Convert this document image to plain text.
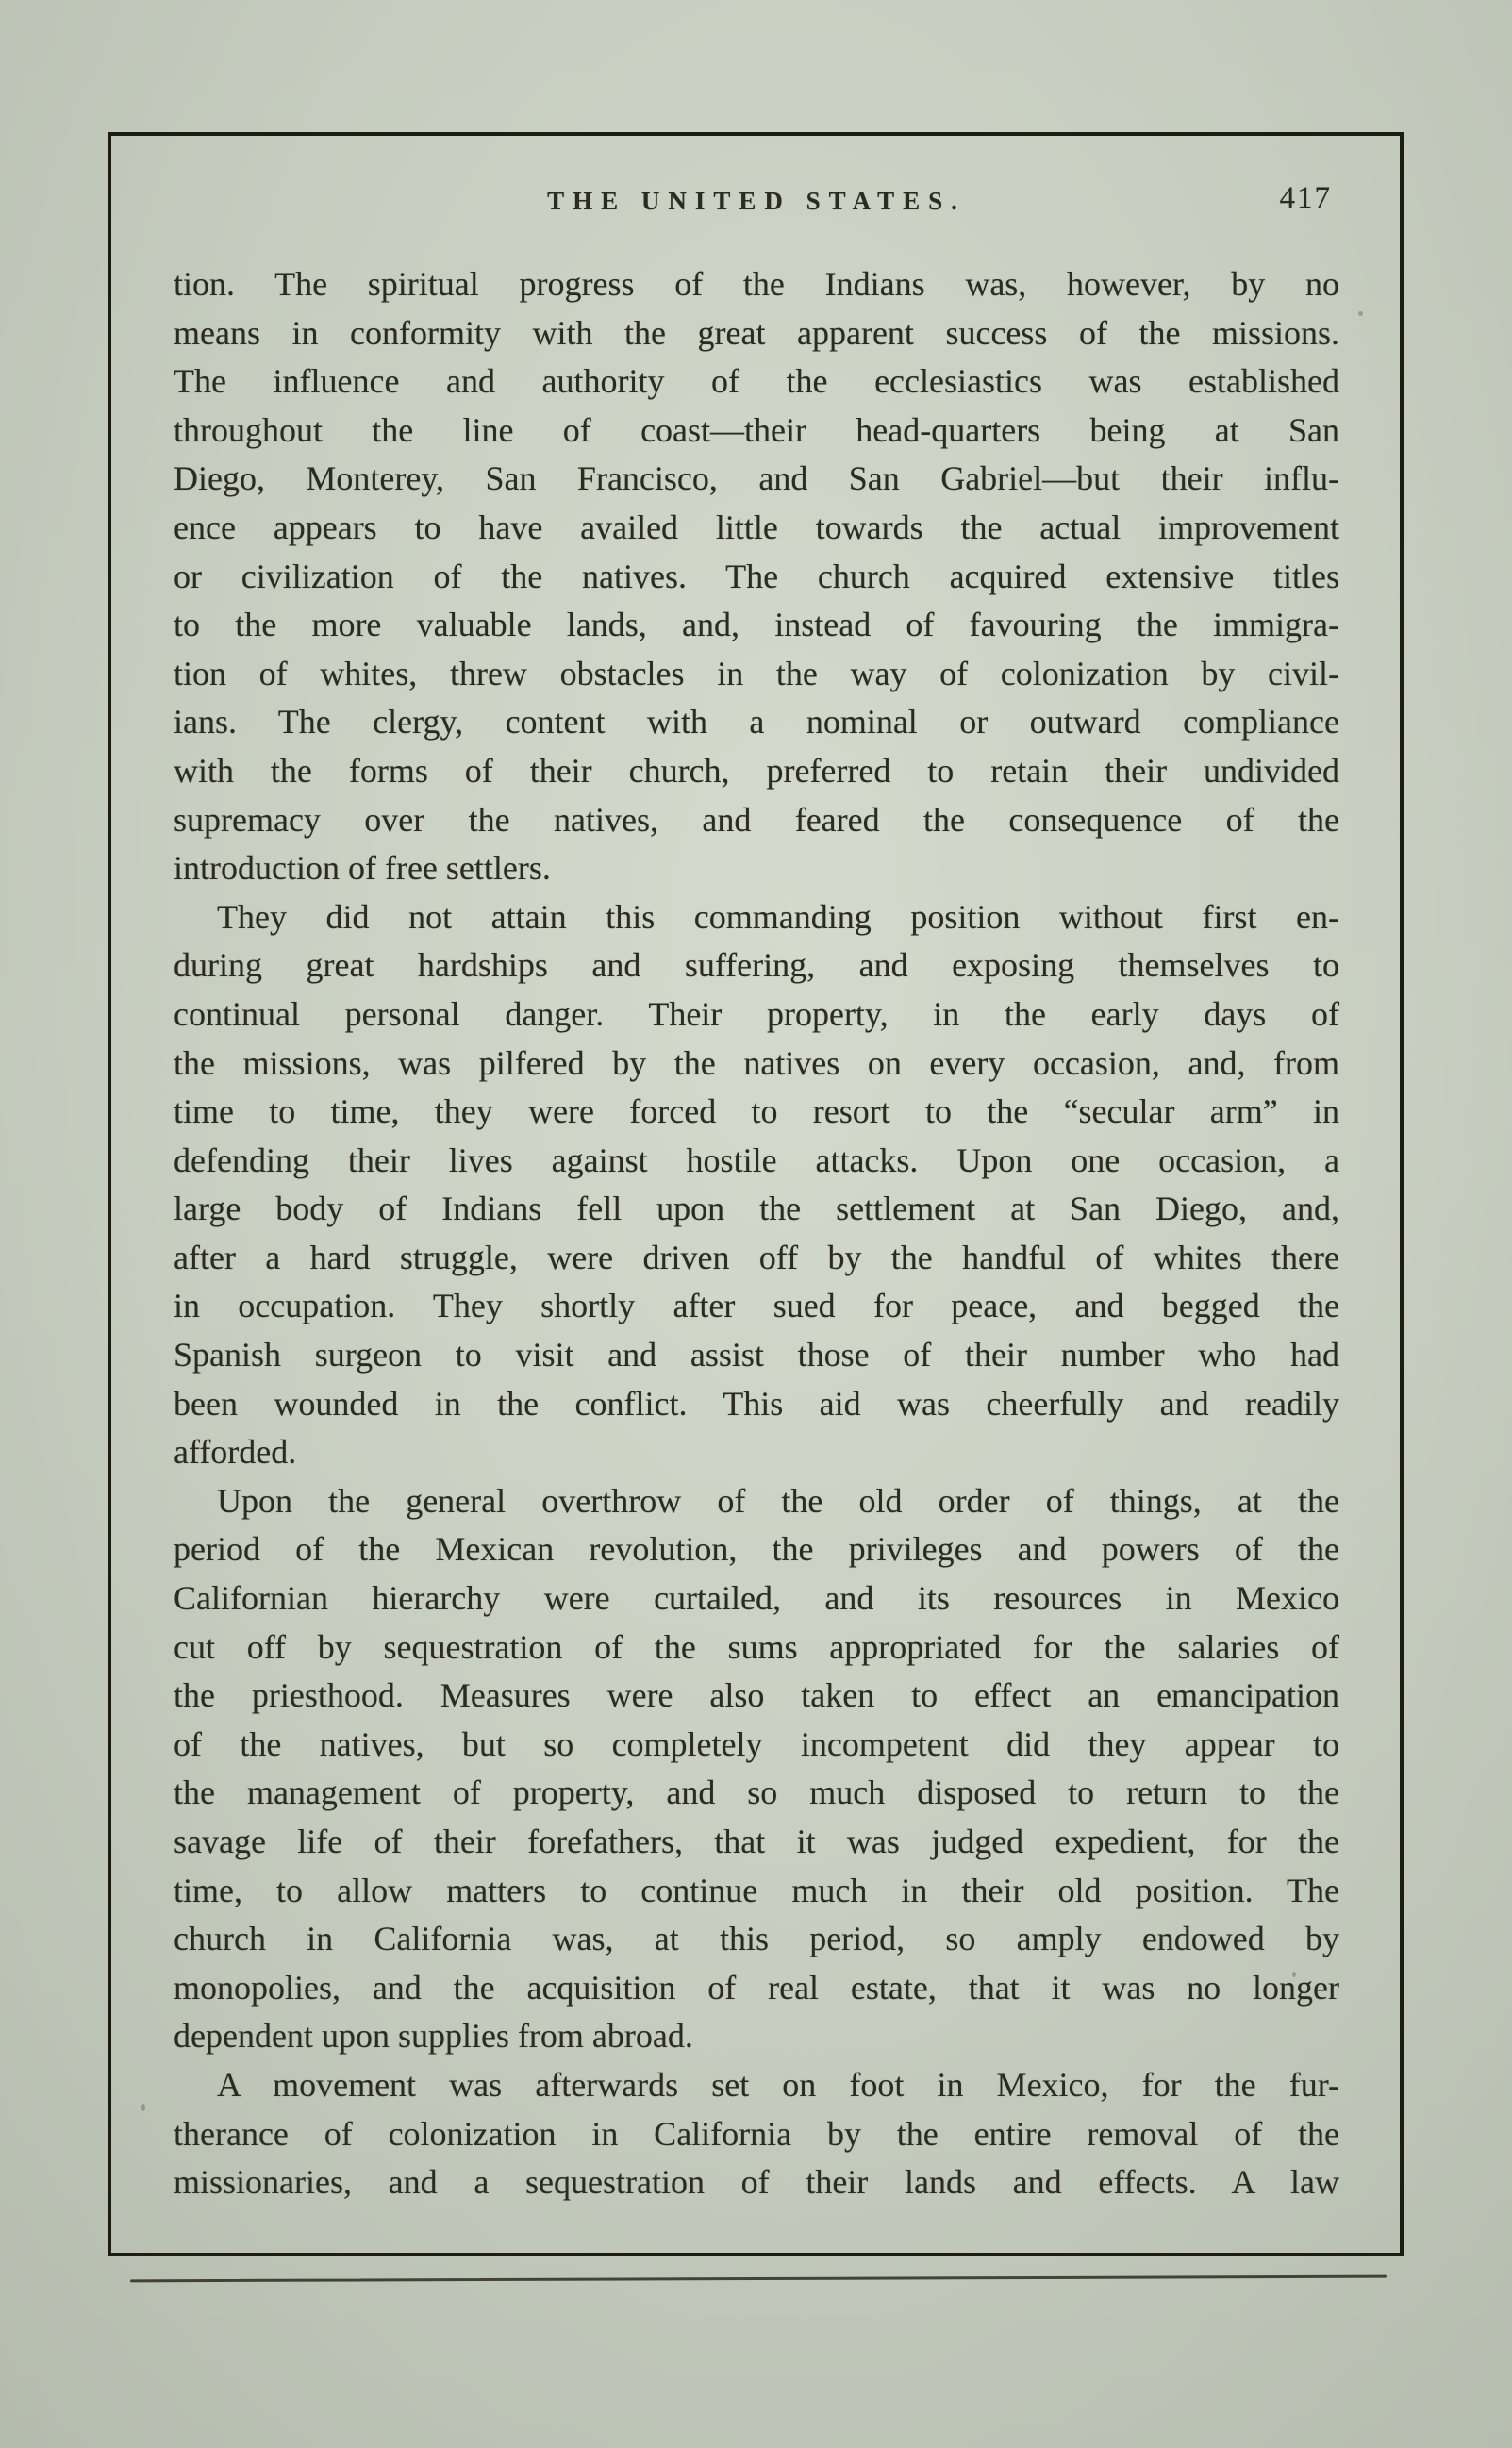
THE UNITED STATES.	417
tion. The spiritual progress of the Indians was, however, by no
means in conformity with the great apparent success of the missions.
The influence and authority of the ecclesiastics was established
throughout the line of coast—their head-quarters being at San
Diego, Monterey, San Francisco, and San Gabriel—but their influ-
ence appears to have availed little towards the actual improvement
or civilization of the natives. The church acquired extensive titles
to the more valuable lands, and, instead of favouring the immigra-
tion of whites, threw obstacles in the way of colonization by civil-
ians. The clergy, content with a nominal or outward compliance
with the forms of their church, preferred to retain their undivided
supremacy over the natives, and feared the consequence of the
introduction of free settlers.
They did not attain this commanding position without first en-
during great hardships and suffering, and exposing themselves to
continual personal danger. Their property, in the early days of
the missions, was pilfered by the natives on every occasion, and, from
time to time, they were forced to resort to the “secular arm” in
defending their lives against hostile attacks. Upon one occasion, a
large body of Indians fell upon the settlement at San Diego, and,
after a hard struggle, were driven off by the handful of whites there
in occupation. They shortly after sued for peace, and begged the
Spanish surgeon to visit and assist those of their number who had
been wounded in the conflict. This aid was cheerfully and readily
afforded.
Upon the general overthrow of the old order of things, at the
period of the Mexican revolution, the privileges and powers of the
Californian hierarchy were curtailed, and its resources in Mexico
cut off by sequestration of the sums appropriated for the salaries of
the priesthood. Measures were also taken to effect an emancipation
of the natives, but so completely incompetent did they appear to
the management of property, and so much disposed to return to the
savage life of their forefathers, that it was judged expedient, for the
time, to allow matters to continue much in their old position. The
church in California was, at this period, so amply endowed by
monopolies, and the acquisition of real estate, that it was no longer
dependent upon supplies from abroad.
A movement was afterwards set on foot in Mexico, for the fur-
therance of colonization in California by the entire removal of the
missionaries, and a sequestration of their lands and effects. A law
